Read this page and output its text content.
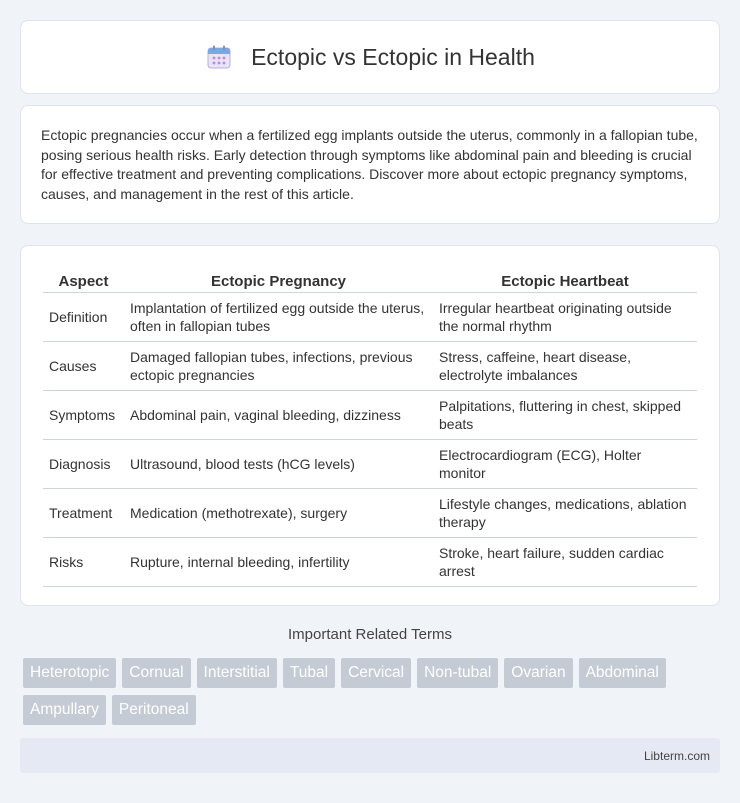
Ectopic vs Ectopic in Health

Ectopic pregnancies occur when a fertilized egg implants outside the uterus, commonly in a fallopian tube, posing serious health risks. Early detection through symptoms like abdominal pain and bleeding is crucial for effective treatment and preventing complications. Discover more about ectopic pregnancy symptoms, causes, and management in the rest of this article.

Aspect	Ectopic Pregnancy	Ectopic Heartbeat
Definition	Implantation of fertilized egg outside the uterus, often in fallopian tubes	Irregular heartbeat originating outside the normal rhythm
Causes	Damaged fallopian tubes, infections, previous ectopic pregnancies	Stress, caffeine, heart disease, electrolyte imbalances
Symptoms	Abdominal pain, vaginal bleeding, dizziness	Palpitations, fluttering in chest, skipped beats
Diagnosis	Ultrasound, blood tests (hCG levels)	Electrocardiogram (ECG), Holter monitor
Treatment	Medication (methotrexate), surgery	Lifestyle changes, medications, ablation therapy
Risks	Rupture, internal bleeding, infertility	Stroke, heart failure, sudden cardiac arrest
Important Related Terms
Heterotopic	Cornual	Interstitial	Tubal	Cervical	Non-tubal	Ovarian	Abdominal
Ampullary	Peritoneal
Libterm.com
